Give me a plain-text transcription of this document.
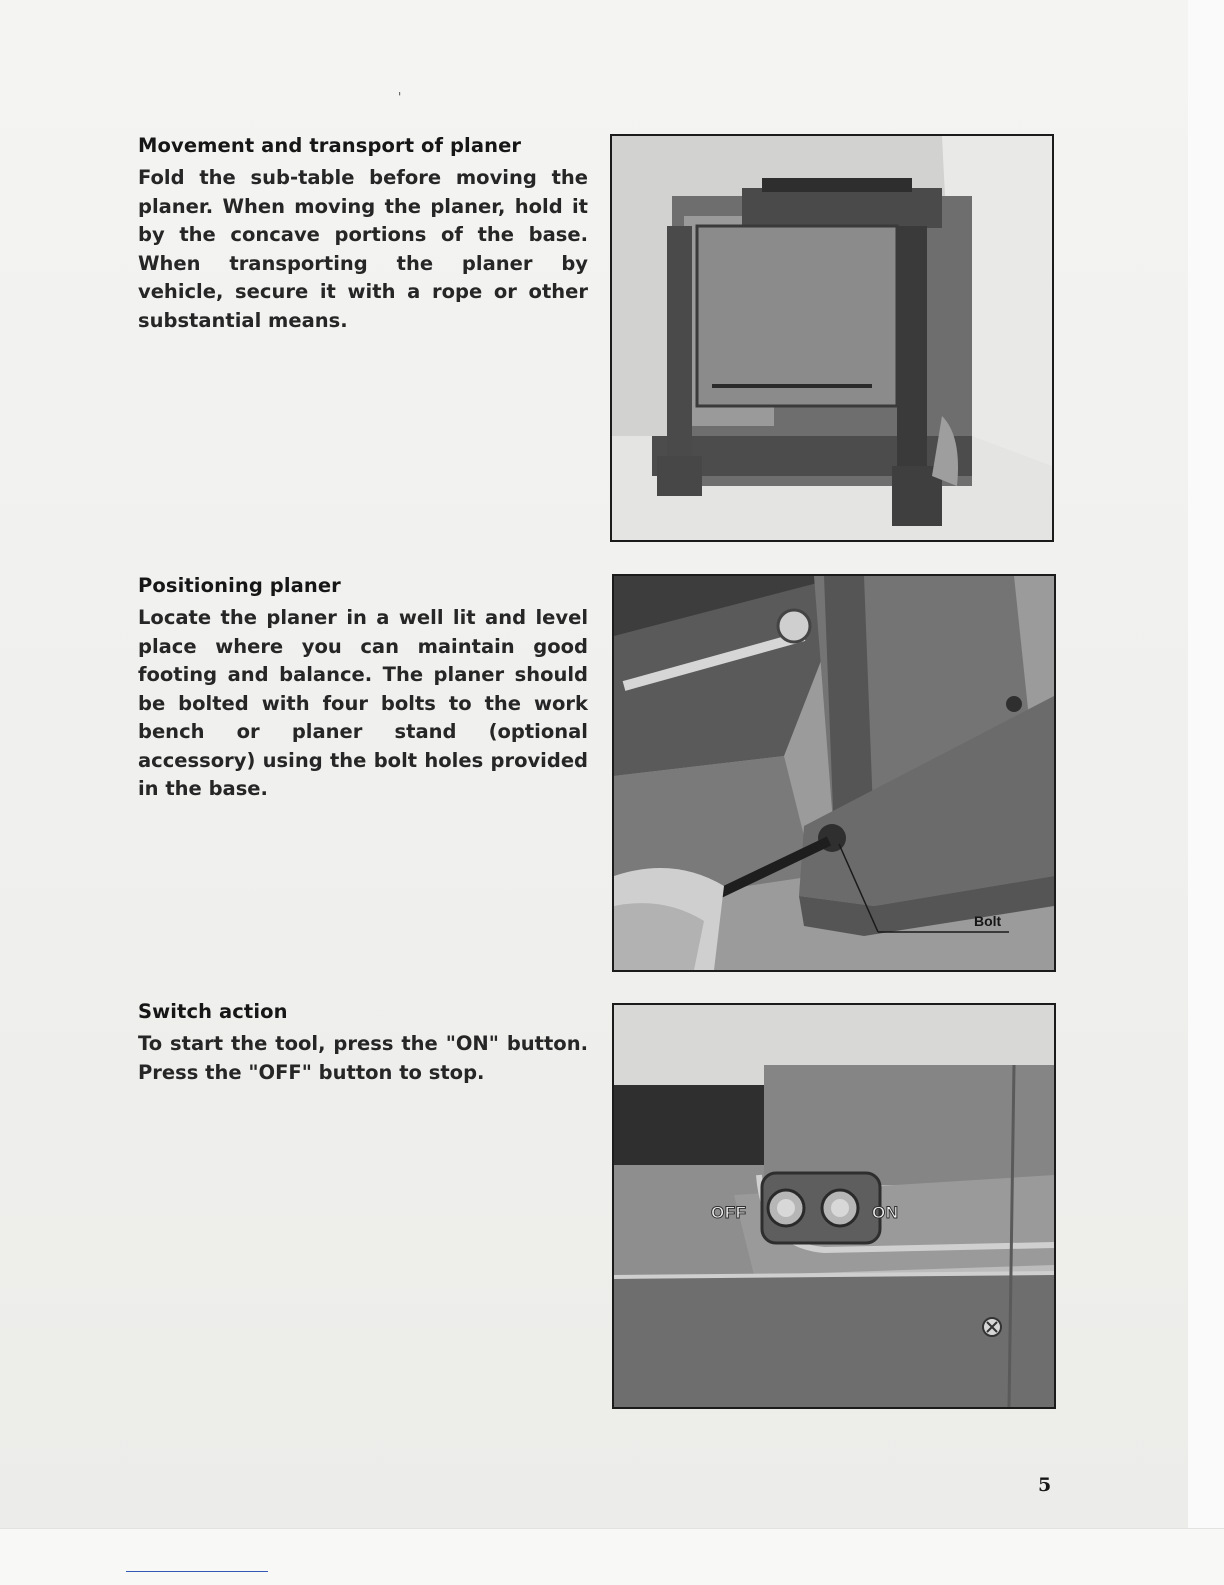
'
Movement and transport of planer
Fold the sub-table before moving the planer. When moving the planer, hold it by the concave portions of the base. When transporting the planer by vehicle, secure it with a rope or other substantial means.
Positioning planer
Locate the planer in a well lit and level place where you can maintain good footing and balance. The planer should be bolted with four bolts to the work bench or planer stand (optional accessory) using the bolt holes provided in the base.
Switch action
To start the tool, press the "ON" button. Press the "OFF" button to stop.
Bolt
OFF	ON
5
